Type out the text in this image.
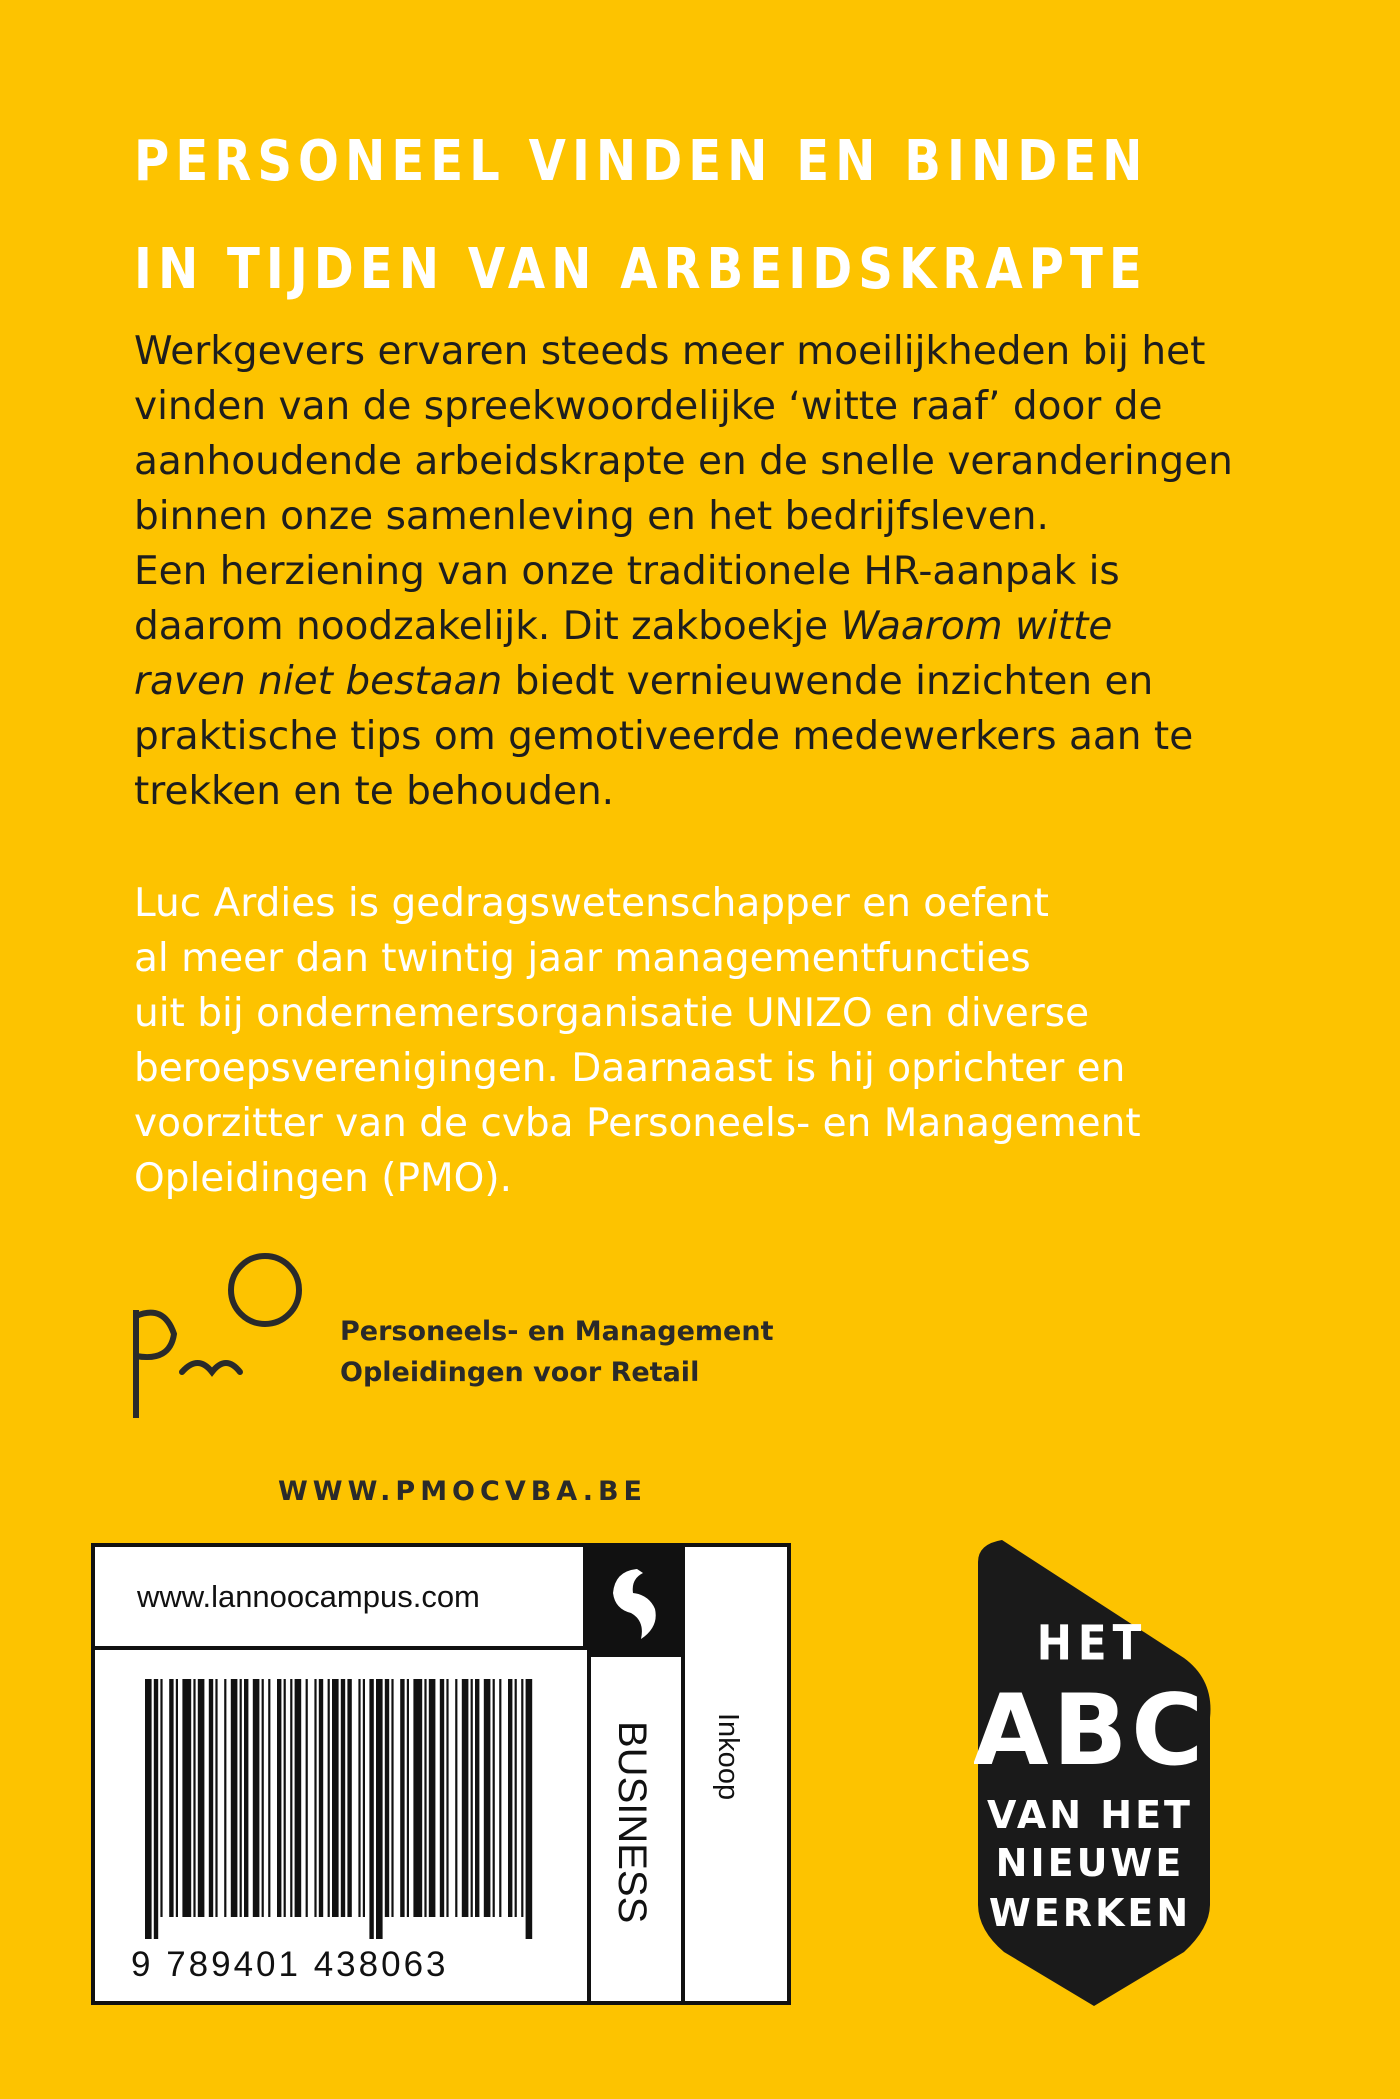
PERSONEEL VINDEN EN BINDEN
IN TIJDEN VAN ARBEIDSKRAPTE

Werkgevers ervaren steeds meer moeilijkheden bij het
vinden van de spreekwoordelijke ‘witte raaf’ door de
aanhoudende arbeidskrapte en de snelle veranderingen
binnen onze samenleving en het bedrijfsleven.

Een herziening van onze traditionele HR-aanpak is
daarom noodzakelijk. Dit zakboekje Waarom witte
raven niet bestaan biedt vernieuwende inzichten en
praktische tips om gemotiveerde medewerkers aan te
trekken en te behouden.

Luc Ardies is gedragswetenschapper en oefent
al meer dan twintig jaar managementfuncties
uit bij ondernemersorganisatie UNIZO en diverse
beroepsverenigingen. Daarnaast is hij oprichter en
voorzitter van de cvba Personeels- en Management
Opleidingen (PMO).
Personeels- en Management
Opleidingen voor Retail
WWW.PMOCVBA.BE
www.lannoocampus.com
BUSINESS Inkoop
9 789401 438063
HET
ABC
VAN HET
NIEUWE
WERKEN
